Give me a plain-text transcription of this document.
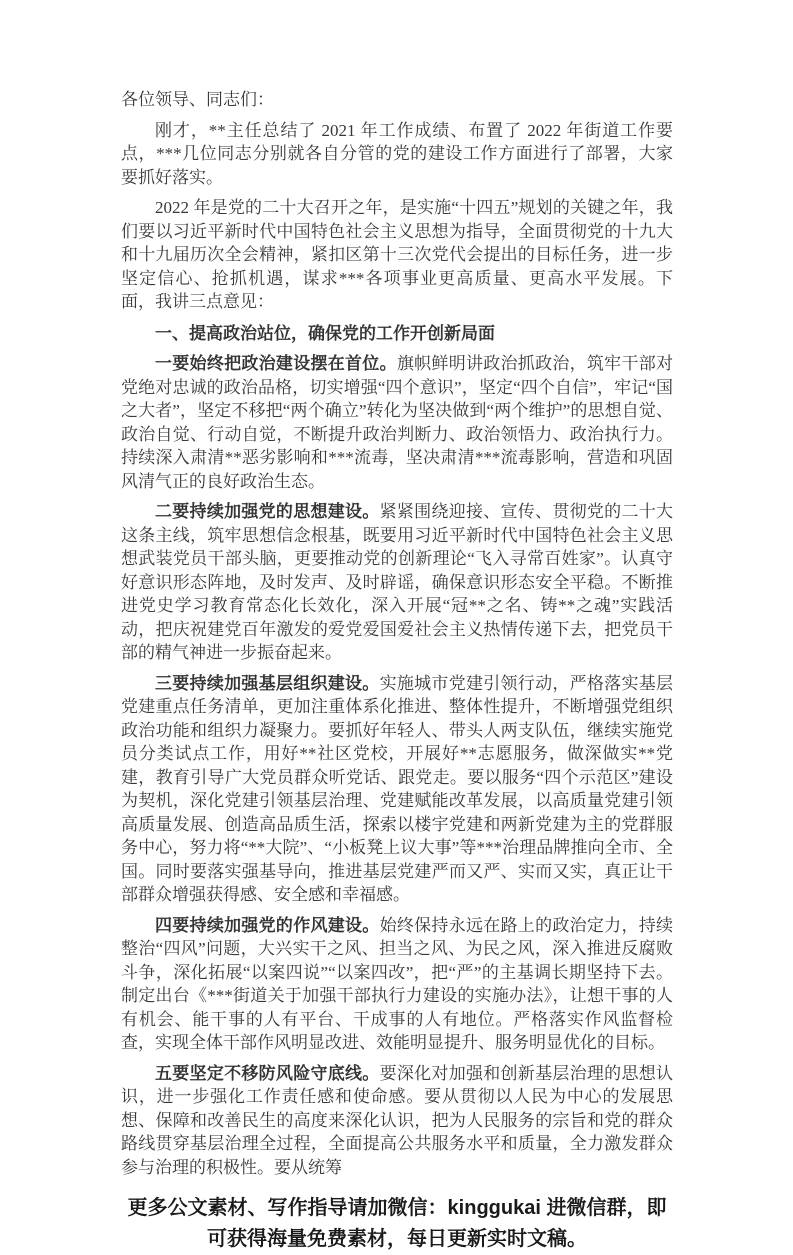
各位领导、同志们：

刚才，**主任总结了 2021 年工作成绩、布置了 2022 年街道工作要点，***几位同志分别就各自分管的党的建设工作方面进行了部署，大家要抓好落实。

2022 年是党的二十大召开之年，是实施“十四五”规划的关键之年，我们要以习近平新时代中国特色社会主义思想为指导，全面贯彻党的十九大和十九届历次全会精神，紧扣区第十三次党代会提出的目标任务，进一步坚定信心、抢抓机遇，谋求***各项事业更高质量、更高水平发展。下面，我讲三点意见：

一、提高政治站位，确保党的工作开创新局面

一要始终把政治建设摆在首位。旗帜鲜明讲政治抓政治，筑牢干部对党绝对忠诚的政治品格，切实增强“四个意识”，坚定“四个自信”，牢记“国之大者”，坚定不移把“两个确立”转化为坚决做到“两个维护”的思想自觉、政治自觉、行动自觉，不断提升政治判断力、政治领悟力、政治执行力。持续深入肃清**恶劣影响和***流毒，坚决肃清***流毒影响，营造和巩固风清气正的良好政治生态。

二要持续加强党的思想建设。紧紧围绕迎接、宣传、贯彻党的二十大这条主线，筑牢思想信念根基，既要用习近平新时代中国特色社会主义思想武装党员干部头脑，更要推动党的创新理论“飞入寻常百姓家”。认真守好意识形态阵地，及时发声、及时辟谣，确保意识形态安全平稳。不断推进党史学习教育常态化长效化，深入开展“冠**之名、铸**之魂”实践活动，把庆祝建党百年激发的爱党爱国爱社会主义热情传递下去，把党员干部的精气神进一步振奋起来。

三要持续加强基层组织建设。实施城市党建引领行动，严格落实基层党建重点任务清单，更加注重体系化推进、整体性提升，不断增强党组织政治功能和组织力凝聚力。要抓好年轻人、带头人两支队伍，继续实施党员分类试点工作，用好**社区党校，开展好**志愿服务，做深做实**党建，教育引导广大党员群众听党话、跟党走。要以服务“四个示范区”建设为契机，深化党建引领基层治理、党建赋能改革发展，以高质量党建引领高质量发展、创造高品质生活，探索以楼宇党建和两新党建为主的党群服务中心，努力将“**大院”、“小板凳上议大事”等***治理品牌推向全市、全国。同时要落实强基导向，推进基层党建严而又严、实而又实，真正让干部群众增强获得感、安全感和幸福感。

四要持续加强党的作风建设。始终保持永远在路上的政治定力，持续整治“四风”问题，大兴实干之风、担当之风、为民之风，深入推进反腐败斗争，深化拓展“以案四说”“以案四改”，把“严”的主基调长期坚持下去。制定出台《***街道关于加强干部执行力建设的实施办法》，让想干事的人有机会、能干事的人有平台、干成事的人有地位。严格落实作风监督检查，实现全体干部作风明显改进、效能明显提升、服务明显优化的目标。

五要坚定不移防风险守底线。要深化对加强和创新基层治理的思想认识，进一步强化工作责任感和使命感。要从贯彻以人民为中心的发展思想、保障和改善民生的高度来深化认识，把为人民服务的宗旨和党的群众路线贯穿基层治理全过程，全面提高公共服务水平和质量，全力激发群众参与治理的积极性。要从统筹

更多公文素材、写作指导请加微信：kinggukai 进微信群，即可获得海量免费素材，每日更新实时文稿。
